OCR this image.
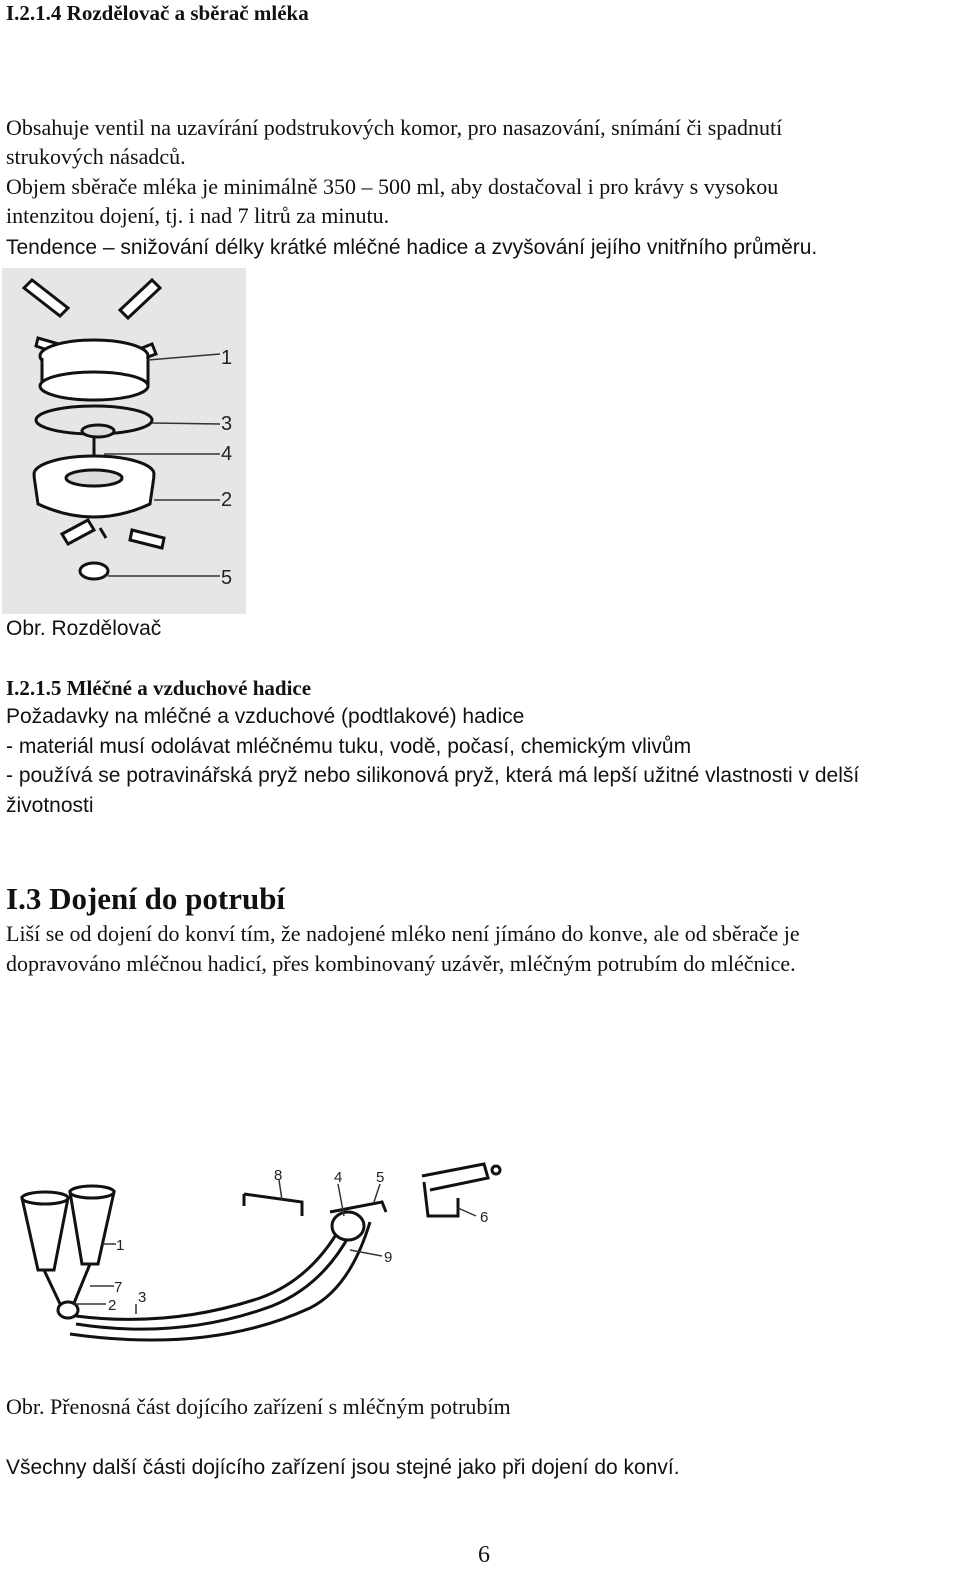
I.2.1.4 Rozdělovač a sběrač mléka

Obsahuje ventil na uzavírání podstrukových komor, pro nasazování, snímání či spadnutí

strukových násadců.

Objem sběrače mléka je minimálně 350 – 500 ml, aby dostačoval i pro krávy s vysokou

intenzitou dojení, tj. i nad 7 litrů za minutu.

Tendence – snižování délky krátké mléčné hadice a zvyšování jejího vnitřního průměru.

1
3
4
2
5

Obr. Rozdělovač

I.2.1.5 Mléčné a vzduchové hadice

Požadavky na mléčné a vzduchové (podtlakové) hadice

- materiál musí odolávat mléčnému tuku, vodě, počasí, chemickým vlivům

- používá se potravinářská pryž nebo silikonová pryž, která má lepší užitné vlastnosti v delší

životnosti

I.3 Dojení do potrubí

Liší se od dojení do konví tím, že nadojené mléko není jímáno do konve, ale od sběrače je

dopravováno mléčnou hadicí, přes kombinovaný uzávěr, mléčným potrubím do mléčnice.

8	4 5
6
1
7
2 3
9

Obr. Přenosná část dojícího zařízení s mléčným potrubím

Všechny další části dojícího zařízení jsou stejné jako při dojení do konví.

6
